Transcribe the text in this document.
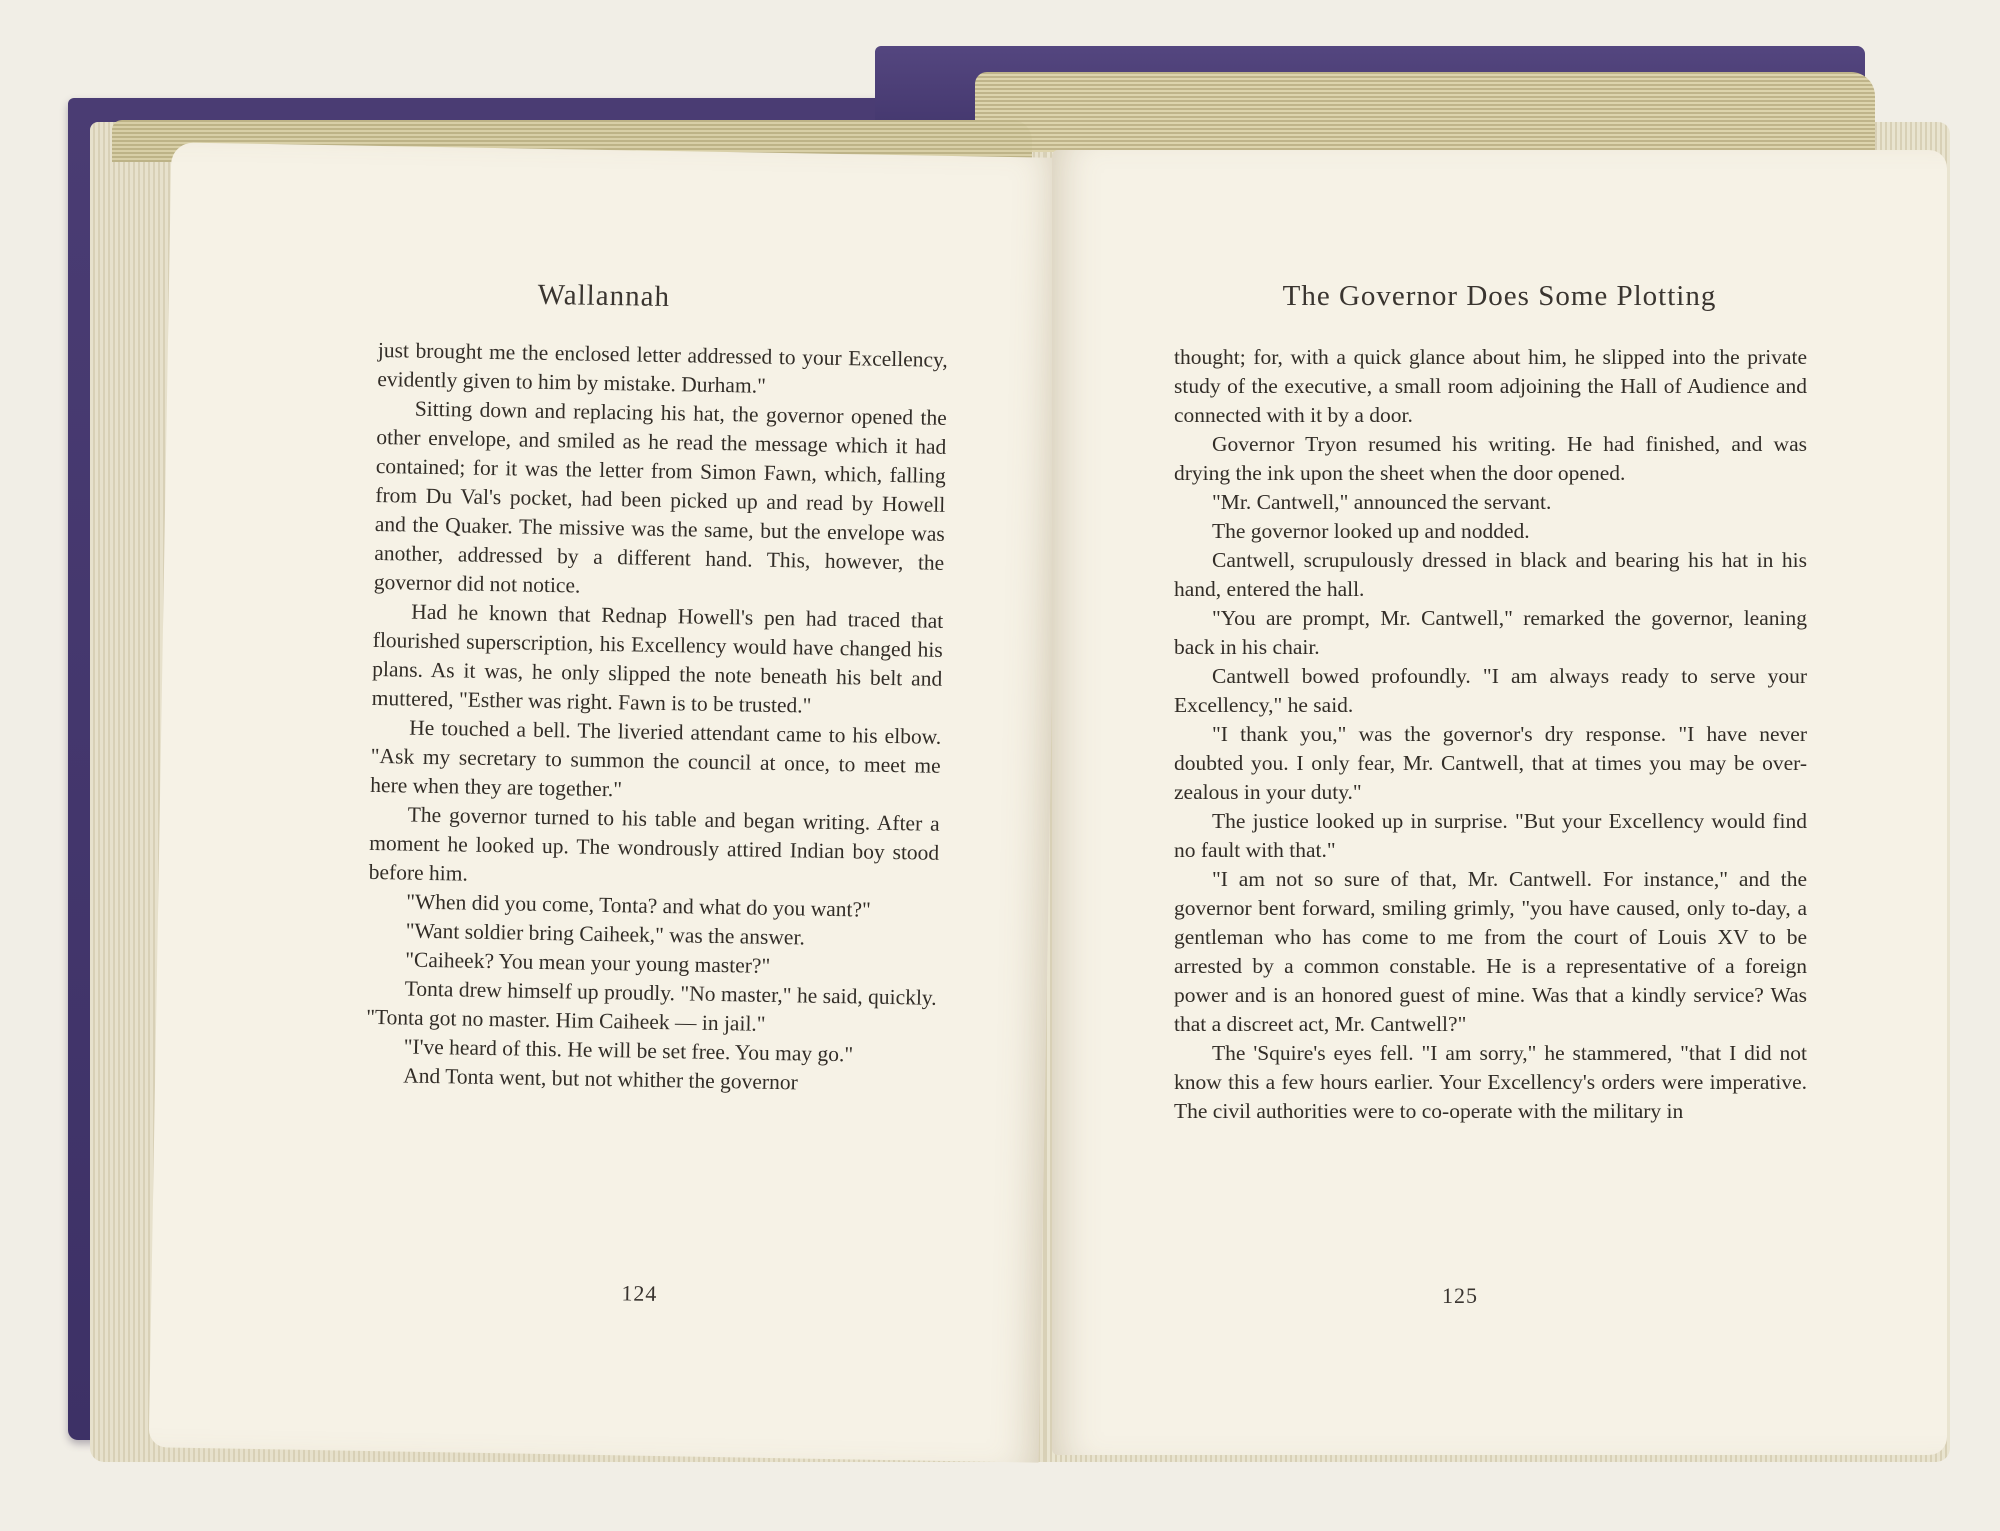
Wallannah

just brought me the enclosed letter addressed to your Excellency, evidently given to him by mistake. Durham."

Sitting down and replacing his hat, the governor opened the other envelope, and smiled as he read the message which it had contained; for it was the letter from Simon Fawn, which, falling from Du Val's pocket, had been picked up and read by Howell and the Quaker. The missive was the same, but the envelope was another, addressed by a different hand. This, however, the governor did not notice.

Had he known that Rednap Howell's pen had traced that flourished superscription, his Excellency would have changed his plans. As it was, he only slipped the note beneath his belt and muttered, "Esther was right. Fawn is to be trusted."

He touched a bell. The liveried attendant came to his elbow. "Ask my secretary to summon the council at once, to meet me here when they are together."

The governor turned to his table and began writing. After a moment he looked up. The wondrously attired Indian boy stood before him.

"When did you come, Tonta? and what do you want?"

"Want soldier bring Caiheek," was the answer.

"Caiheek? You mean your young master?"

Tonta drew himself up proudly. "No master," he said, quickly. "Tonta got no master. Him Caiheek — in jail."

"I've heard of this. He will be set free. You may go."

And Tonta went, but not whither the governor

124
The Governor Does Some Plotting

thought; for, with a quick glance about him, he slipped into the private study of the executive, a small room adjoining the Hall of Audience and connected with it by a door.

Governor Tryon resumed his writing. He had finished, and was drying the ink upon the sheet when the door opened.

"Mr. Cantwell," announced the servant.

The governor looked up and nodded.

Cantwell, scrupulously dressed in black and bearing his hat in his hand, entered the hall.

"You are prompt, Mr. Cantwell," remarked the governor, leaning back in his chair.

Cantwell bowed profoundly. "I am always ready to serve your Excellency," he said.

"I thank you," was the governor's dry response. "I have never doubted you. I only fear, Mr. Cantwell, that at times you may be over-zealous in your duty."

The justice looked up in surprise. "But your Excellency would find no fault with that."

"I am not so sure of that, Mr. Cantwell. For instance," and the governor bent forward, smiling grimly, "you have caused, only to-day, a gentleman who has come to me from the court of Louis XV to be arrested by a common constable. He is a representative of a foreign power and is an honored guest of mine. Was that a kindly service? Was that a discreet act, Mr. Cantwell?"

The 'Squire's eyes fell. "I am sorry," he stammered, "that I did not know this a few hours earlier. Your Excellency's orders were imperative. The civil authorities were to co-operate with the military in

125
